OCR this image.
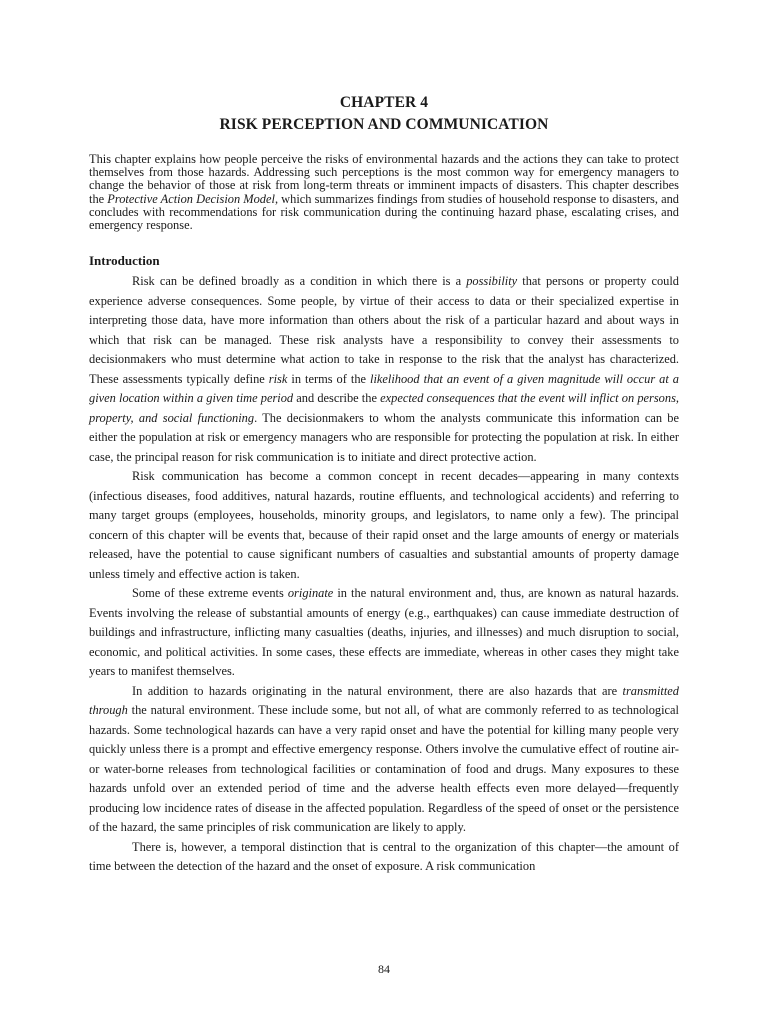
CHAPTER 4
RISK PERCEPTION AND COMMUNICATION

This chapter explains how people perceive the risks of environmental hazards and the actions they can take to protect themselves from those hazards. Addressing such perceptions is the most common way for emergency managers to change the behavior of those at risk from long-term threats or imminent impacts of disasters. This chapter describes the Protective Action Decision Model, which summarizes findings from studies of household response to disasters, and concludes with recommendations for risk communication during the continuing hazard phase, escalating crises, and emergency response.

Introduction

Risk can be defined broadly as a condition in which there is a possibility that persons or property could experience adverse consequences. Some people, by virtue of their access to data or their specialized expertise in interpreting those data, have more information than others about the risk of a particular hazard and about ways in which that risk can be managed. These risk analysts have a responsibility to convey their assessments to decisionmakers who must determine what action to take in response to the risk that the analyst has characterized. These assessments typically define risk in terms of the likelihood that an event of a given magnitude will occur at a given location within a given time period and describe the expected consequences that the event will inflict on persons, property, and social functioning. The decisionmakers to whom the analysts communicate this information can be either the population at risk or emergency managers who are responsible for protecting the population at risk. In either case, the principal reason for risk communication is to initiate and direct protective action.

Risk communication has become a common concept in recent decades—appearing in many contexts (infectious diseases, food additives, natural hazards, routine effluents, and technological accidents) and referring to many target groups (employees, households, minority groups, and legislators, to name only a few). The principal concern of this chapter will be events that, because of their rapid onset and the large amounts of energy or materials released, have the potential to cause significant numbers of casualties and substantial amounts of property damage unless timely and effective action is taken.

Some of these extreme events originate in the natural environment and, thus, are known as natural hazards. Events involving the release of substantial amounts of energy (e.g., earthquakes) can cause immediate destruction of buildings and infrastructure, inflicting many casualties (deaths, injuries, and illnesses) and much disruption to social, economic, and political activities. In some cases, these effects are immediate, whereas in other cases they might take years to manifest themselves.

In addition to hazards originating in the natural environment, there are also hazards that are transmitted through the natural environment. These include some, but not all, of what are commonly referred to as technological hazards. Some technological hazards can have a very rapid onset and have the potential for killing many people very quickly unless there is a prompt and effective emergency response. Others involve the cumulative effect of routine air- or water-borne releases from technological facilities or contamination of food and drugs. Many exposures to these hazards unfold over an extended period of time and the adverse health effects even more delayed—frequently producing low incidence rates of disease in the affected population. Regardless of the speed of onset or the persistence of the hazard, the same principles of risk communication are likely to apply.

There is, however, a temporal distinction that is central to the organization of this chapter—the amount of time between the detection of the hazard and the onset of exposure. A risk communication

84
